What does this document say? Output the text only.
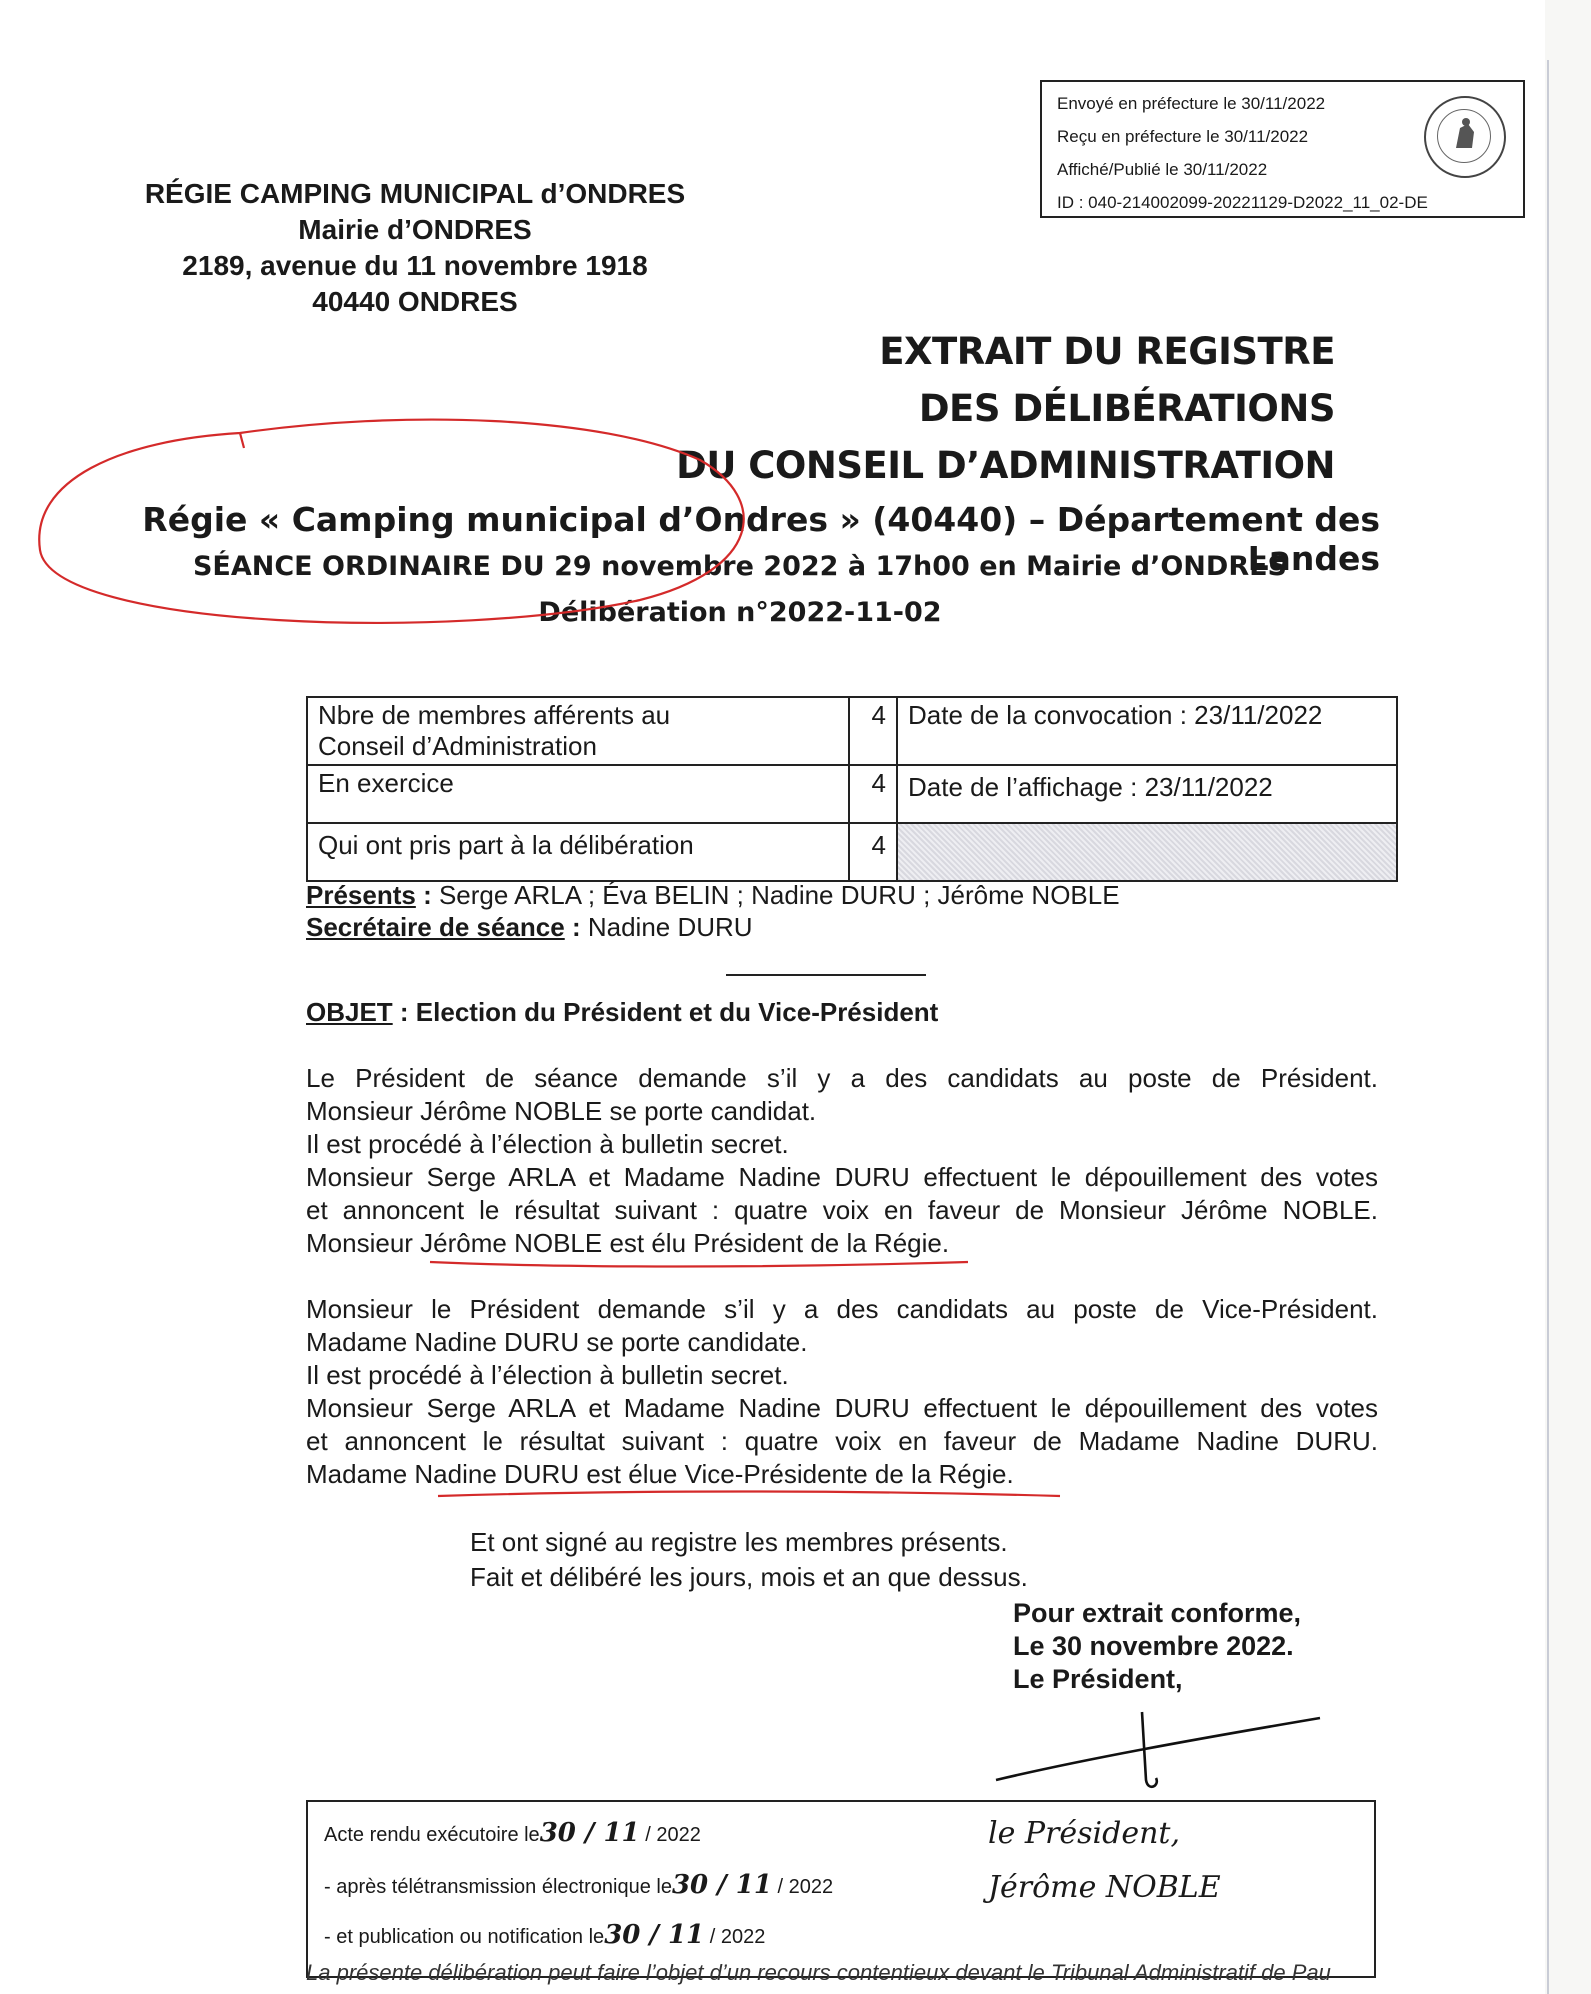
Envoyé en préfecture le 30/11/2022
Reçu en préfecture le 30/11/2022
Affiché/Publié le 30/11/2022
ID : 040-214002099-20221129-D2022_11_02-DE
RÉGIE CAMPING MUNICIPAL d’ONDRES
Mairie d’ONDRES
2189, avenue du 11 novembre 1918
40440 ONDRES
EXTRAIT DU REGISTRE
DES DÉLIBÉRATIONS
DU CONSEIL D’ADMINISTRATION
Régie « Camping municipal d’Ondres » (40440) – Département des Landes
SÉANCE ORDINAIRE DU 29 novembre 2022 à 17h00 en Mairie d’ONDRES
Délibération n°2022-11-02
Nbre de membres afférents au
Conseil d’Administration	4	Date de la convocation : 23/11/2022
En exercice	4	Date de l’affichage : 23/11/2022
Qui ont pris part à la délibération	4	
Présents : Serge ARLA ; Éva BELIN ; Nadine DURU ; Jérôme NOBLE
Secrétaire de séance : Nadine DURU
OBJET : Election du Président et du Vice-Président
Le Président de séance demande s’il y a des candidats au poste de Président.
Monsieur Jérôme NOBLE se porte candidat.
Il est procédé à l’élection à bulletin secret.
Monsieur Serge ARLA et Madame Nadine DURU effectuent le dépouillement des votes
et annoncent le résultat suivant : quatre voix en faveur de Monsieur Jérôme NOBLE.
Monsieur Jérôme NOBLE est élu Président de la Régie.
Monsieur le Président demande s’il y a des candidats au poste de Vice-Président.
Madame Nadine DURU se porte candidate.
Il est procédé à l’élection à bulletin secret.
Monsieur Serge ARLA et Madame Nadine DURU effectuent le dépouillement des votes
et annoncent le résultat suivant : quatre voix en faveur de Madame Nadine DURU.
Madame Nadine DURU est élue Vice-Présidente de la Régie.
Et ont signé au registre les membres présents.
Fait et délibéré les jours, mois et an que dessus.
Pour extrait conforme,
Le 30 novembre 2022.
Le Président,
Acte rendu exécutoire le30 / 11 / 2022
- après télétransmission électronique le30 / 11 / 2022
- et publication ou notification le30 / 11 / 2022
le Président,
Jérôme NOBLE
La présente délibération peut faire l’objet d’un recours contentieux devant le Tribunal Administratif de Pau
